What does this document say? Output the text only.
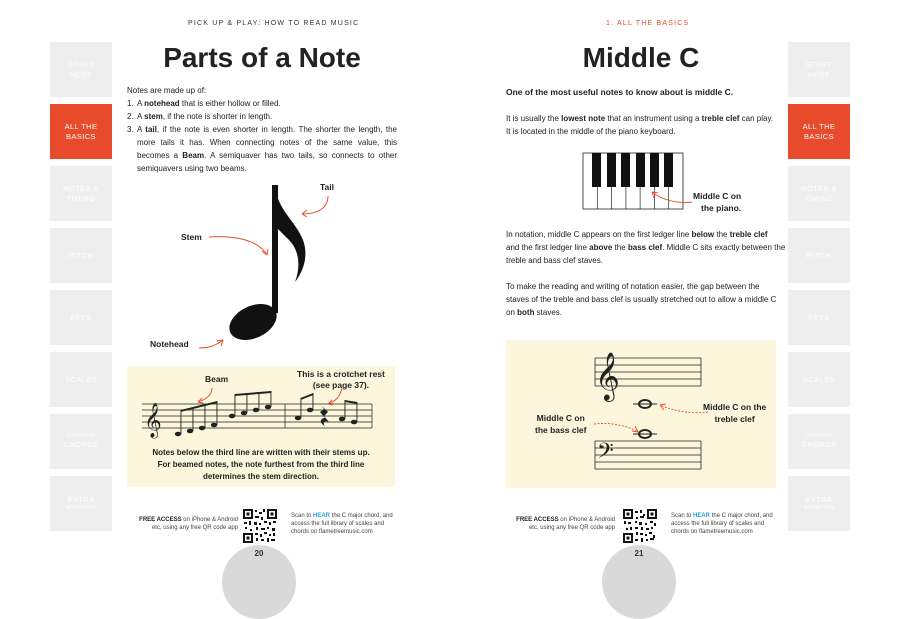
PICK UP & PLAY: HOW TO READ MUSIC
START
HERE
ALL THE
BASICS
NOTES &
TIMING
PITCH
KEYS
SCALES
COMMON
CHORDS
EXTRA
NOTATION
Parts of a Note
Notes are made up of:
1. A notehead that is either hollow or filled.
2. A stem, if the note is shorter in length.
3. A tail, if the note is even shorter in length. The shorter the length, the more tails it has. When connecting notes of the same value, this becomes a Beam. A semiquaver has two tails, so connects to other semiquavers using two beams.
Tail
Stem
Notehead
Beam	This is a crotchet rest
(see page 37).
𝄞
Notes below the third line are written with their stems up.
For beamed notes, the note furthest from the third line
determines the stem direction.
FREE ACCESS on iPhone & Android
etc, using any free QR code app
Scan to HEAR the C major chord, and
access the full library of scales and
chords on flametreemusic.com
20
1. ALL THE BASICS
START
HERE
ALL THE
BASICS
NOTES &
TIMING
PITCH
KEYS
SCALES
COMMON
CHORDS
EXTRA
NOTATION
Middle C
One of the most useful notes to know about is middle C.
It is usually the lowest note that an instrument using a treble clef can play.
It is located in the middle of the piano keyboard.
Middle C on
the piano.
In notation, middle C appears on the first ledger line below the treble clef
and the first ledger line above the bass clef. Middle C sits exactly between the
treble and bass clef staves.
To make the reading and writing of notation easier, the gap between the
staves of the treble and bass clef is usually stretched out to allow a middle C
on both staves.
𝄞
𝄢
Middle C on the
treble clef
Middle C on
the bass clef
FREE ACCESS on iPhone & Android
etc, using any free QR code app
Scan to HEAR the C major chord, and
access the full library of scales and
chords on flametreemusic.com
21
